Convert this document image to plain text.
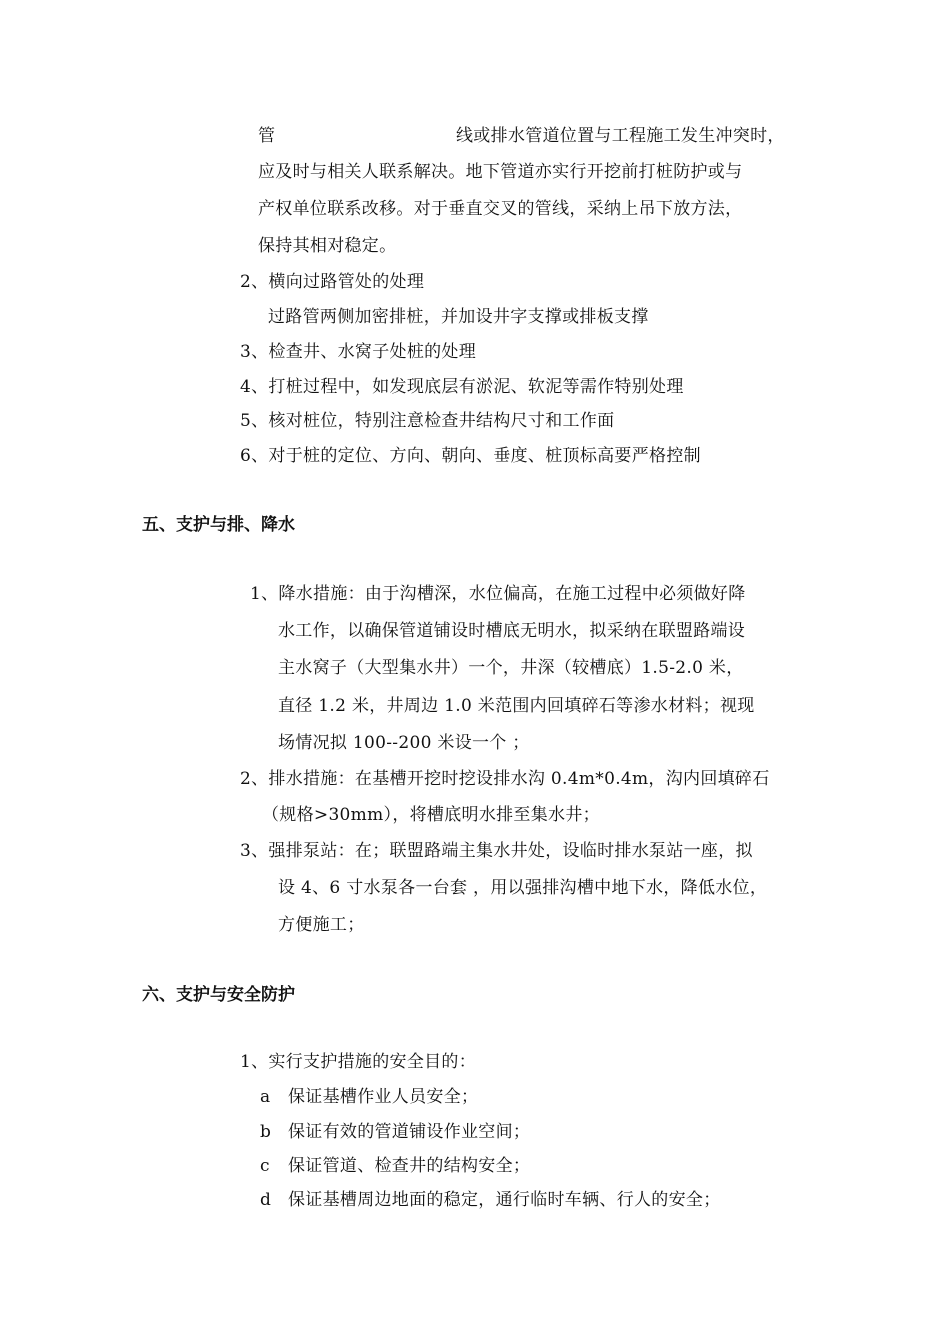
管	线或排水管道位置与工程施工发生冲突时，
应及时与相关人联系解决。地下管道亦实行开挖前打桩防护或与
产权单位联系改移。对于垂直交叉的管线，采纳上吊下放方法，
保持其相对稳定。
2、横向过路管处的处理
过路管两侧加密排桩，并加设井字支撑或排板支撑
3、检查井、水窝子处桩的处理
4、打桩过程中，如发现底层有淤泥、软泥等需作特别处理
5、核对桩位，特别注意检查井结构尺寸和工作面
6、对于桩的定位、方向、朝向、垂度、桩顶标高要严格控制
五、支护与排、降水
1、降水措施：由于沟槽深，水位偏高，在施工过程中必须做好降
水工作，以确保管道铺设时槽底无明水，拟采纳在联盟路端设
主水窝子（大型集水井）一个，井深（较槽底）1.5-2.0 米，
直径 1.2 米，井周边 1.0 米范围内回填碎石等渗水材料；视现
场情况拟 100--200 米设一个 ；
2、排水措施：在基槽开挖时挖设排水沟 0.4m*0.4m，沟内回填碎石
（规格>30mm），将槽底明水排至集水井；
3、强排泵站：在；联盟路端主集水井处，设临时排水泵站一座，拟
设 4、6 寸水泵各一台套 ，用以强排沟槽中地下水，降低水位，
方便施工；
六、支护与安全防护
1、实行支护措施的安全目的：
a 保证基槽作业人员安全；
b 保证有效的管道铺设作业空间；
c 保证管道、检查井的结构安全；
d 保证基槽周边地面的稳定，通行临时车辆、行人的安全；
